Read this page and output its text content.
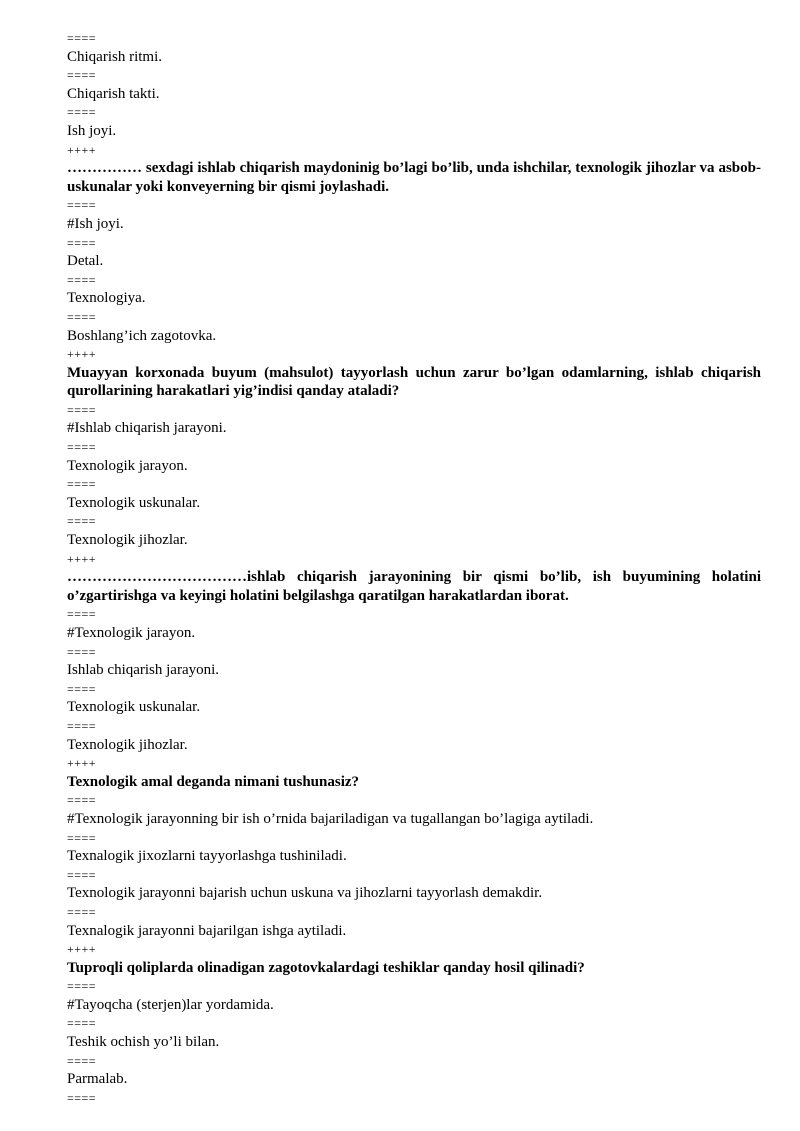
====
Chiqarish ritmi.
====
Chiqarish takti.
====
Ish joyi.
++++
…………… sexdagi ishlab chiqarish maydoninig bo’lagi bo’lib, unda ishchilar, texnologik jihozlar va asbob-uskunalar yoki konveyerning bir qismi joylashadi.
====
#Ish joyi.
====
Detal.
====
Texnologiya.
====
Boshlang’ich zagotovka.
++++
Muayyan korxonada buyum (mahsulot) tayyorlash uchun zarur bo’lgan odamlarning, ishlab chiqarish qurollarining harakatlari yig’indisi qanday ataladi?
====
#Ishlab chiqarish jarayoni.
====
Texnologik jarayon.
====
Texnologik uskunalar.
====
Texnologik jihozlar.
++++
………………………………ishlab chiqarish jarayonining bir qismi bo’lib, ish buyumining holatini o’zgartirishga va keyingi holatini belgilashga qaratilgan harakatlardan iborat.
====
#Texnologik jarayon.
====
Ishlab chiqarish jarayoni.
====
Texnologik uskunalar.
====
Texnologik jihozlar.
++++
Texnologik amal deganda nimani tushunasiz?
====
#Texnologik jarayonning bir ish o’rnida bajariladigan va tugallangan bo’lagiga aytiladi.
====
Texnalogik jixozlarni tayyorlashga tushiniladi.
====
Texnologik jarayonni bajarish uchun uskuna va jihozlarni tayyorlash demakdir.
====
Texnalogik jarayonni bajarilgan ishga aytiladi.
++++
Tuproqli qoliplarda olinadigan zagotovkalardagi teshiklar qanday hosil qilinadi?
====
#Tayoqcha (sterjen)lar yordamida.
====
Teshik ochish yo’li bilan.
====
Parmalab.
====
